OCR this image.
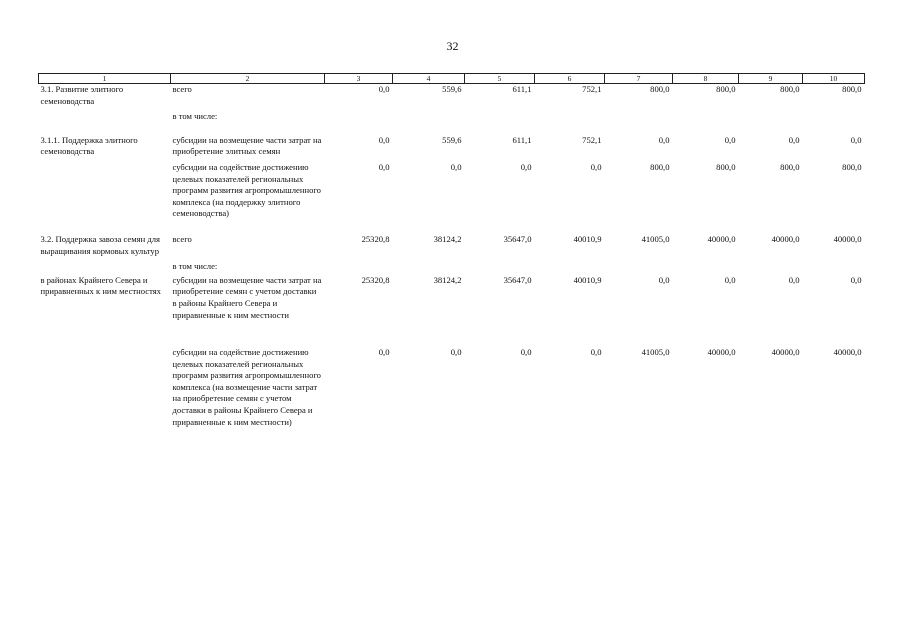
32
1	2	3	4	5	6	7	8	9	10
3.1. Развитие элитного семеноводства	всего	0,0	559,6	611,1	752,1	800,0	800,0	800,0	800,0

	в том числе:								

3.1.1. Поддержка элитного семеноводства	субсидии на возмещение части затрат на приобретение элитных семян	0,0	559,6	611,1	752,1	0,0	0,0	0,0	0,0

	субсидии на содействие достижению целевых показателей региональных программ развития агропромышленного комплекса (на поддержку элитного семеноводства)	0,0	0,0	0,0	0,0	800,0	800,0	800,0	800,0

3.2. Поддержка завоза семян для выращивания кормовых культур	всего	25320,8	38124,2	35647,0	40010,9	41005,0	40000,0	40000,0	40000,0

	в том числе:								

в районах Крайнего Севера и приравненных к ним местностях	субсидии на возмещение части затрат на приобретение семян с учетом доставки в районы Крайнего Севера и приравненные к ним местности	25320,8	38124,2	35647,0	40010,9	0,0	0,0	0,0	0,0

	субсидии на содействие достижению целевых показателей региональных программ развития агропромышленного комплекса (на возмещение части затрат на приобретение семян с учетом доставки в районы Крайнего Севера и приравненные к ним местности)	0,0	0,0	0,0	0,0	41005,0	40000,0	40000,0	40000,0
